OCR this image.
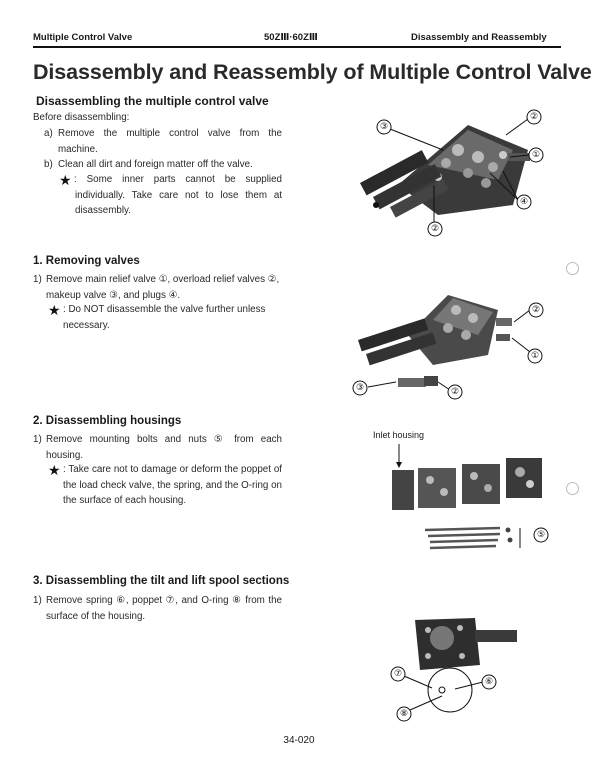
Multiple Control Valve	50ZⅢ·60ZⅢ	Disassembly and Reassembly
Disassembly and Reassembly of Multiple Control Valve
Disassembling the multiple control valve
Before disassembling:
a) Remove the multiple control valve from the machine.
b) Clean all dirt and foreign matter off the valve.
★ : Some inner parts cannot be supplied individually. Take care not to lose them at disassembly.
1. Removing valves
1) Remove main relief valve ①, overload relief valves ②, makeup valve ③, and plugs ④.
★ : Do NOT disassemble the valve further unless necessary.
2. Disassembling housings
1) Remove mounting bolts and nuts ⑤ from each housing.
★ : Take care not to damage or deform the poppet of the load check valve, the spring, and the O-ring on the surface of each housing.
3. Disassembling the tilt and lift spool sections
1) Remove spring ⑥, poppet ⑦, and O-ring ⑧ from the surface of the housing.
③
②
①
④
②
②
①
③	②
Inlet housing
⑤
⑦
⑥
⑧
34-020
